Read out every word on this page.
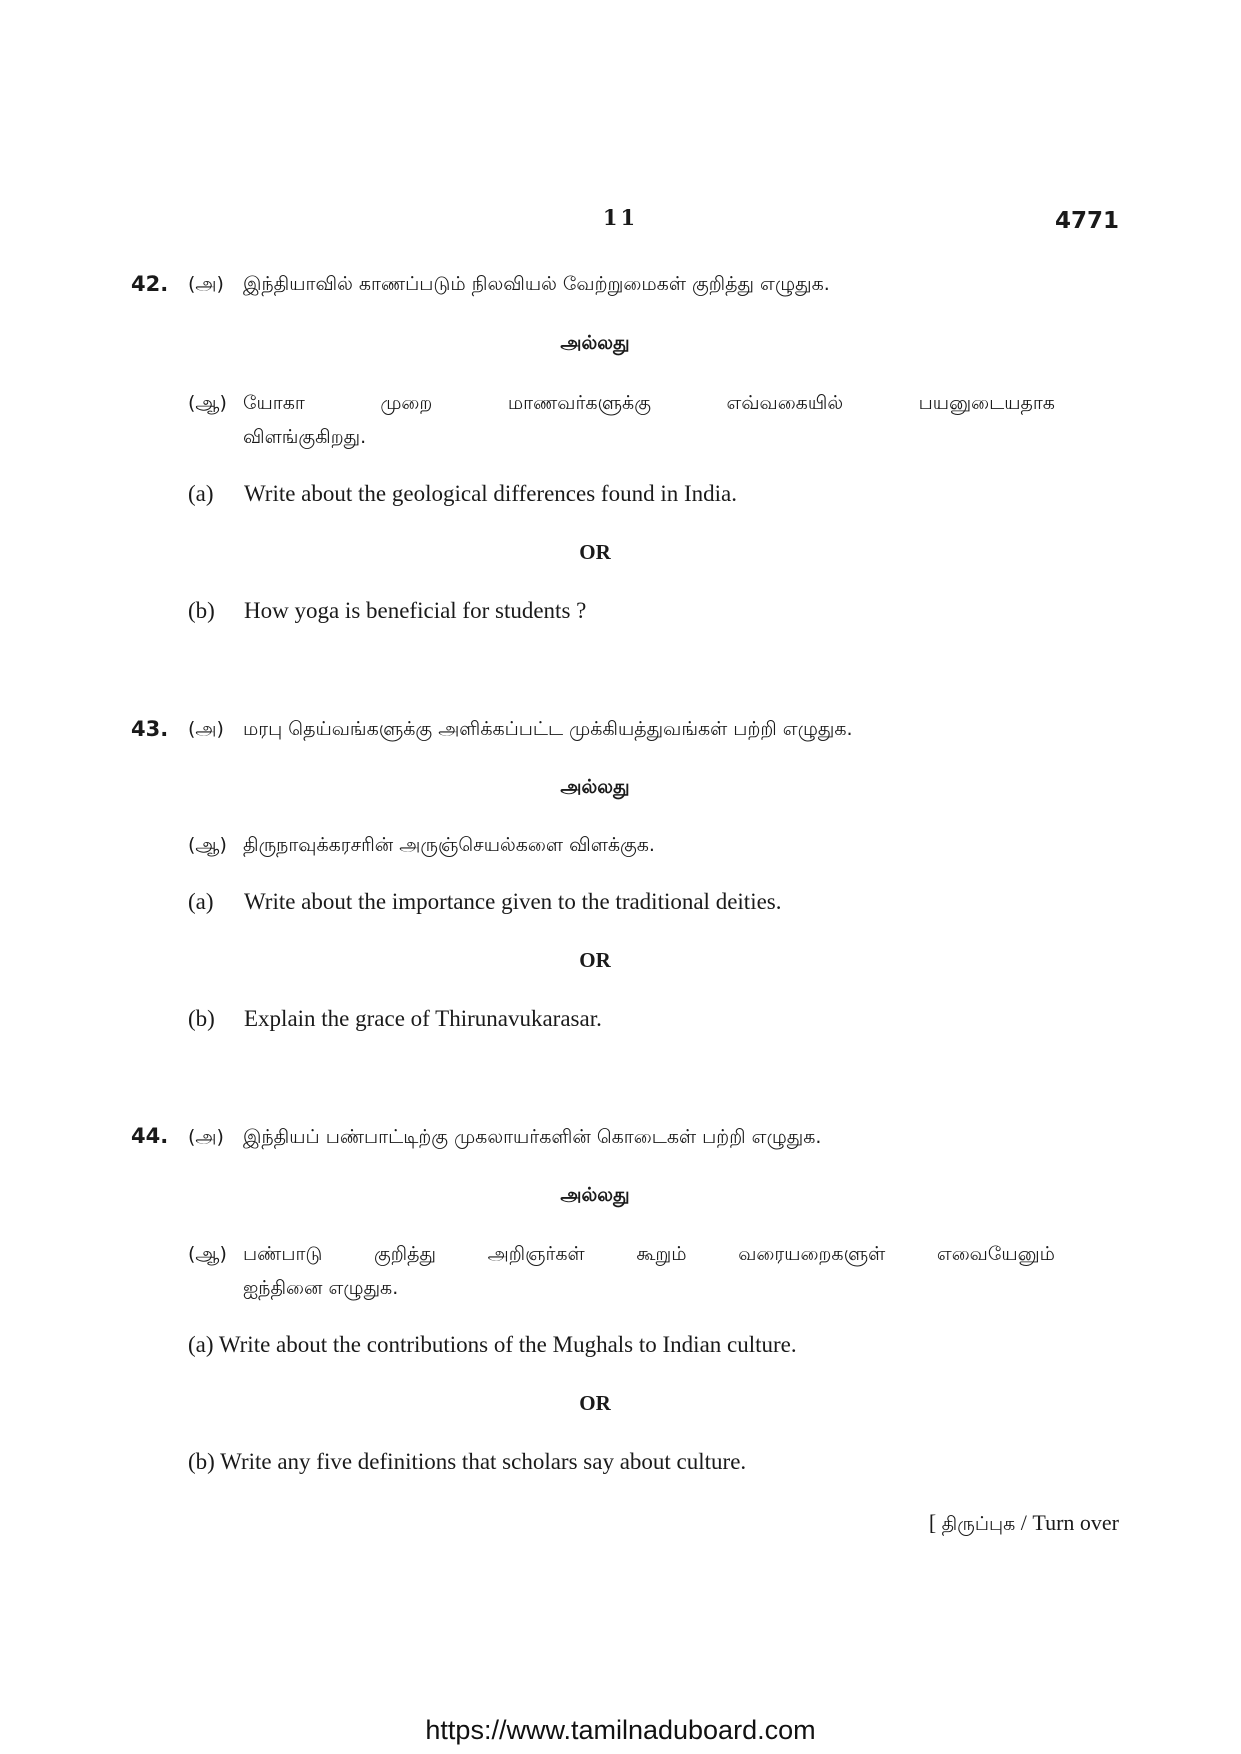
11	4771
42. (அ) இந்தியாவில் காணப்படும் நிலவியல் வேற்றுமைகள் குறித்து எழுதுக.
அல்லது
(ஆ) யோகா	முறை	மாணவர்களுக்கு	எவ்வகையில்	பயனுடையதாக
விளங்குகிறது.
(a) Write about the geological differences found in India.
OR
(b) How yoga is beneficial for students ?
43. (அ) மரபு தெய்வங்களுக்கு அளிக்கப்பட்ட முக்கியத்துவங்கள் பற்றி எழுதுக.
அல்லது
(ஆ) திருநாவுக்கரசரின் அருஞ்செயல்களை விளக்குக.
(a) Write about the importance given to the traditional deities.
OR
(b) Explain the grace of Thirunavukarasar.
44. (அ) இந்தியப் பண்பாட்டிற்கு முகலாயர்களின் கொடைகள் பற்றி எழுதுக.
அல்லது
(ஆ) பண்பாடு	குறித்து	அறிஞர்கள்	கூறும்	வரையறைகளுள்	எவையேனும்
ஐந்தினை எழுதுக.
(a) Write about the contributions of the Mughals to Indian culture.
OR
(b) Write any five definitions that scholars say about culture.
[ திருப்புக / Turn over
https://www.tamilnaduboard.com
